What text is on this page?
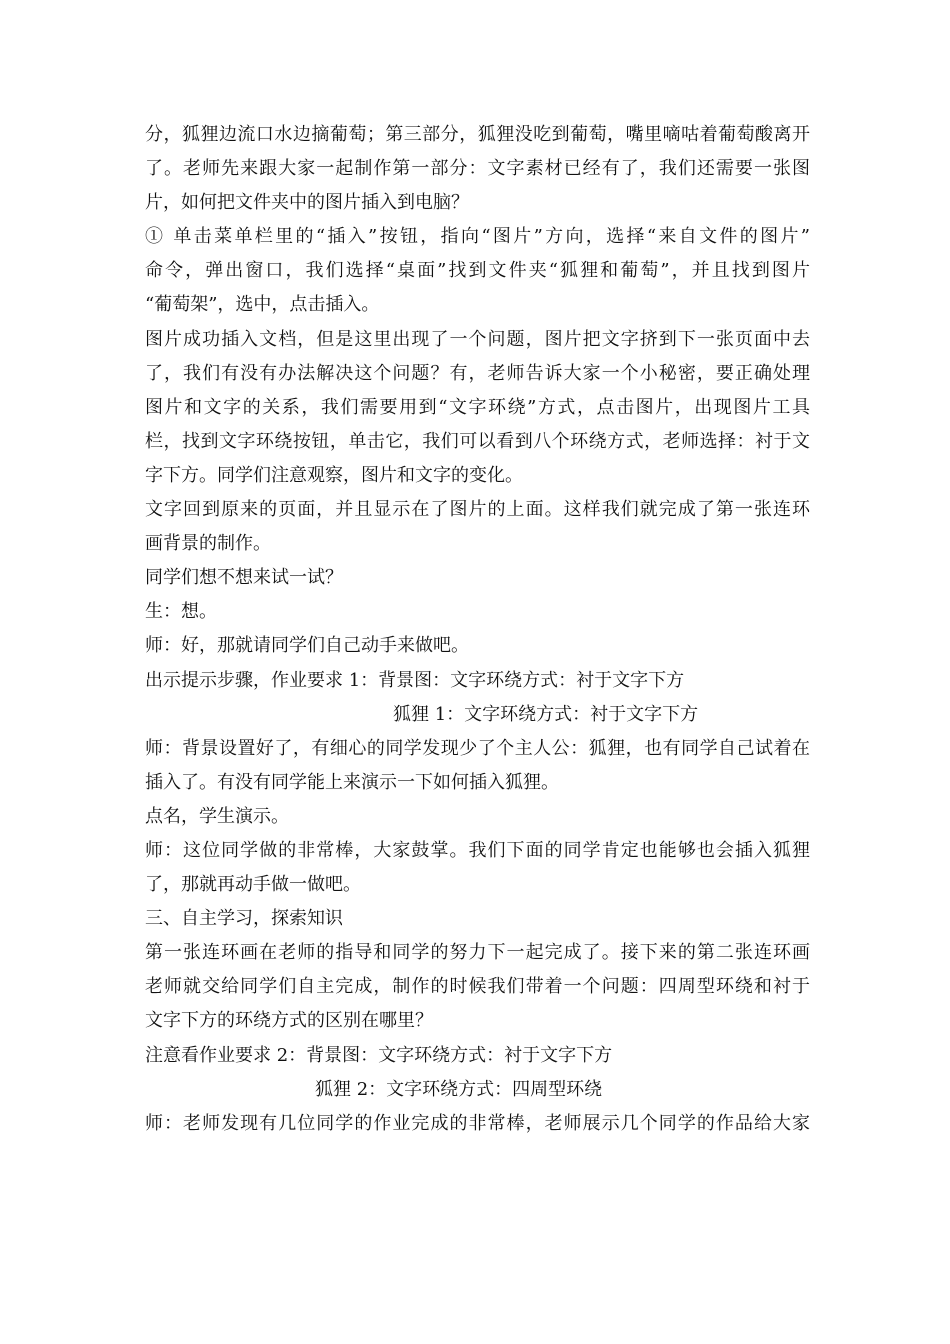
分，狐狸边流口水边摘葡萄；第三部分，狐狸没吃到葡萄，嘴里嘀咕着葡萄酸离开
了。老师先来跟大家一起制作第一部分：文字素材已经有了，我们还需要一张图
片，如何把文件夹中的图片插入到电脑？
① 单击菜单栏里的“插入”按钮，指向“图片”方向，选择“来自文件的图片”
命令，弹出窗口，我们选择“桌面”找到文件夹“狐狸和葡萄”，并且找到图片
“葡萄架”，选中，点击插入。
图片成功插入文档，但是这里出现了一个问题，图片把文字挤到下一张页面中去
了，我们有没有办法解决这个问题？有，老师告诉大家一个小秘密，要正确处理
图片和文字的关系，我们需要用到“文字环绕”方式，点击图片，出现图片工具
栏，找到文字环绕按钮，单击它，我们可以看到八个环绕方式，老师选择：衬于文
字下方。同学们注意观察，图片和文字的变化。
文字回到原来的页面，并且显示在了图片的上面。这样我们就完成了第一张连环
画背景的制作。
同学们想不想来试一试？
生：想。
师：好，那就请同学们自己动手来做吧。
出示提示步骤，作业要求 1：背景图：文字环绕方式：衬于文字下方
狐狸 1：文字环绕方式：衬于文字下方
师：背景设置好了，有细心的同学发现少了个主人公：狐狸，也有同学自己试着在
插入了。有没有同学能上来演示一下如何插入狐狸。
点名，学生演示。
师：这位同学做的非常棒，大家鼓掌。我们下面的同学肯定也能够也会插入狐狸
了，那就再动手做一做吧。
三、自主学习，探索知识
第一张连环画在老师的指导和同学的努力下一起完成了。接下来的第二张连环画
老师就交给同学们自主完成，制作的时候我们带着一个问题：四周型环绕和衬于
文字下方的环绕方式的区别在哪里？
注意看作业要求 2：背景图：文字环绕方式：衬于文字下方
狐狸 2：文字环绕方式：四周型环绕
师：老师发现有几位同学的作业完成的非常棒，老师展示几个同学的作品给大家
